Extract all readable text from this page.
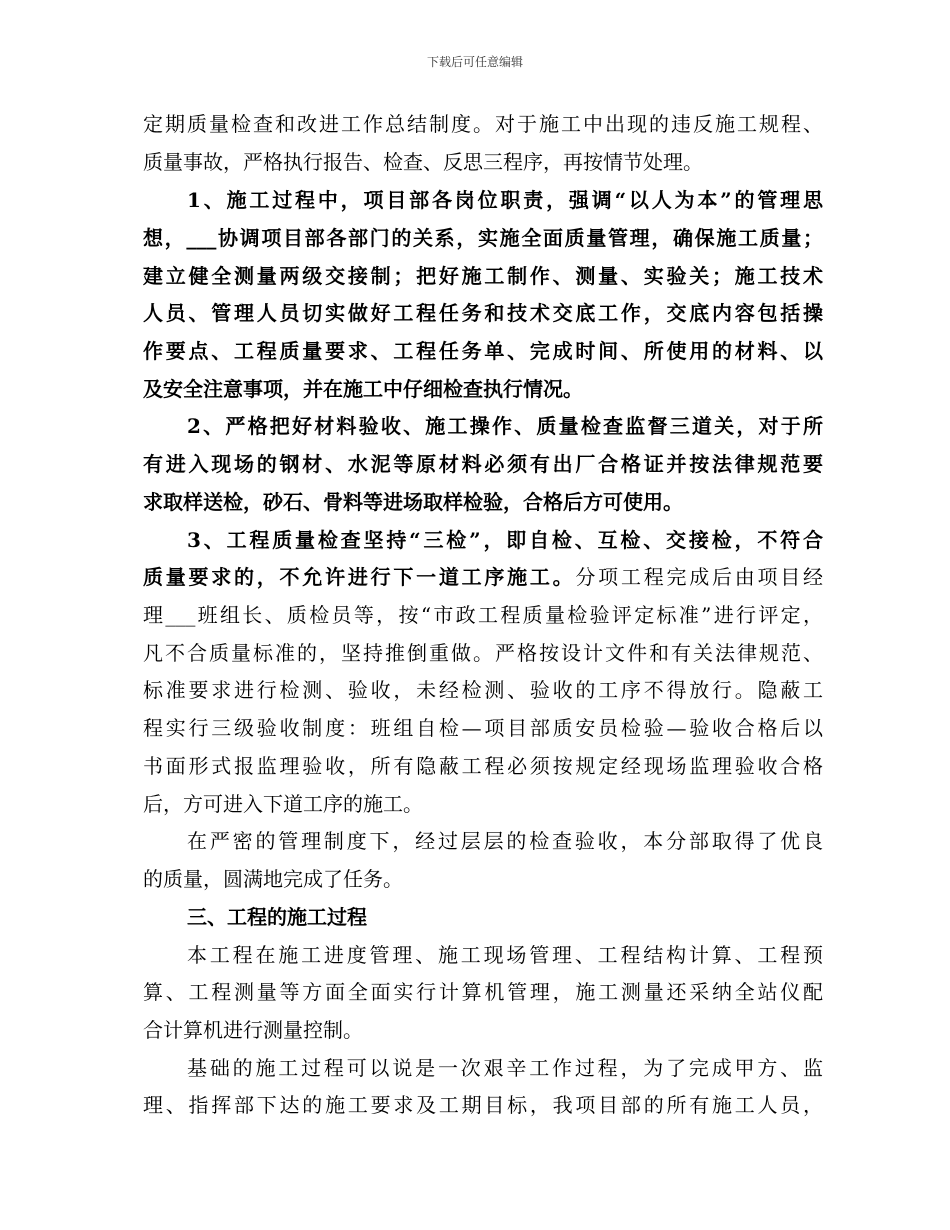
下载后可任意编辑
定期质量检查和改进工作总结制度。对于施工中出现的违反施工规程、
质量事故，严格执行报告、检查、反思三程序，再按情节处理。
1、施工过程中，项目部各岗位职责，强调“以人为本”的管理思
想，___协调项目部各部门的关系，实施全面质量管理，确保施工质量；
建立健全测量两级交接制；把好施工制作、测量、实验关；施工技术
人员、管理人员切实做好工程任务和技术交底工作，交底内容包括操
作要点、工程质量要求、工程任务单、完成时间、所使用的材料、以
及安全注意事项，并在施工中仔细检查执行情况。
2、严格把好材料验收、施工操作、质量检查监督三道关，对于所
有进入现场的钢材、水泥等原材料必须有出厂合格证并按法律规范要
求取样送检，砂石、骨料等进场取样检验，合格后方可使用。
3、工程质量检查坚持“三检”，即自检、互检、交接检，不符合
质量要求的，不允许进行下一道工序施工。分项工程完成后由项目经
理___班组长、质检员等，按“市政工程质量检验评定标准”进行评定，
凡不合质量标准的，坚持推倒重做。严格按设计文件和有关法律规范、
标准要求进行检测、验收，未经检测、验收的工序不得放行。隐蔽工
程实行三级验收制度：班组自检—项目部质安员检验—验收合格后以
书面形式报监理验收，所有隐蔽工程必须按规定经现场监理验收合格
后，方可进入下道工序的施工。
在严密的管理制度下，经过层层的检查验收，本分部取得了优良
的质量，圆满地完成了任务。
三、工程的施工过程
本工程在施工进度管理、施工现场管理、工程结构计算、工程预
算、工程测量等方面全面实行计算机管理，施工测量还采纳全站仪配
合计算机进行测量控制。
基础的施工过程可以说是一次艰辛工作过程，为了完成甲方、监
理、指挥部下达的施工要求及工期目标，我项目部的所有施工人员，
